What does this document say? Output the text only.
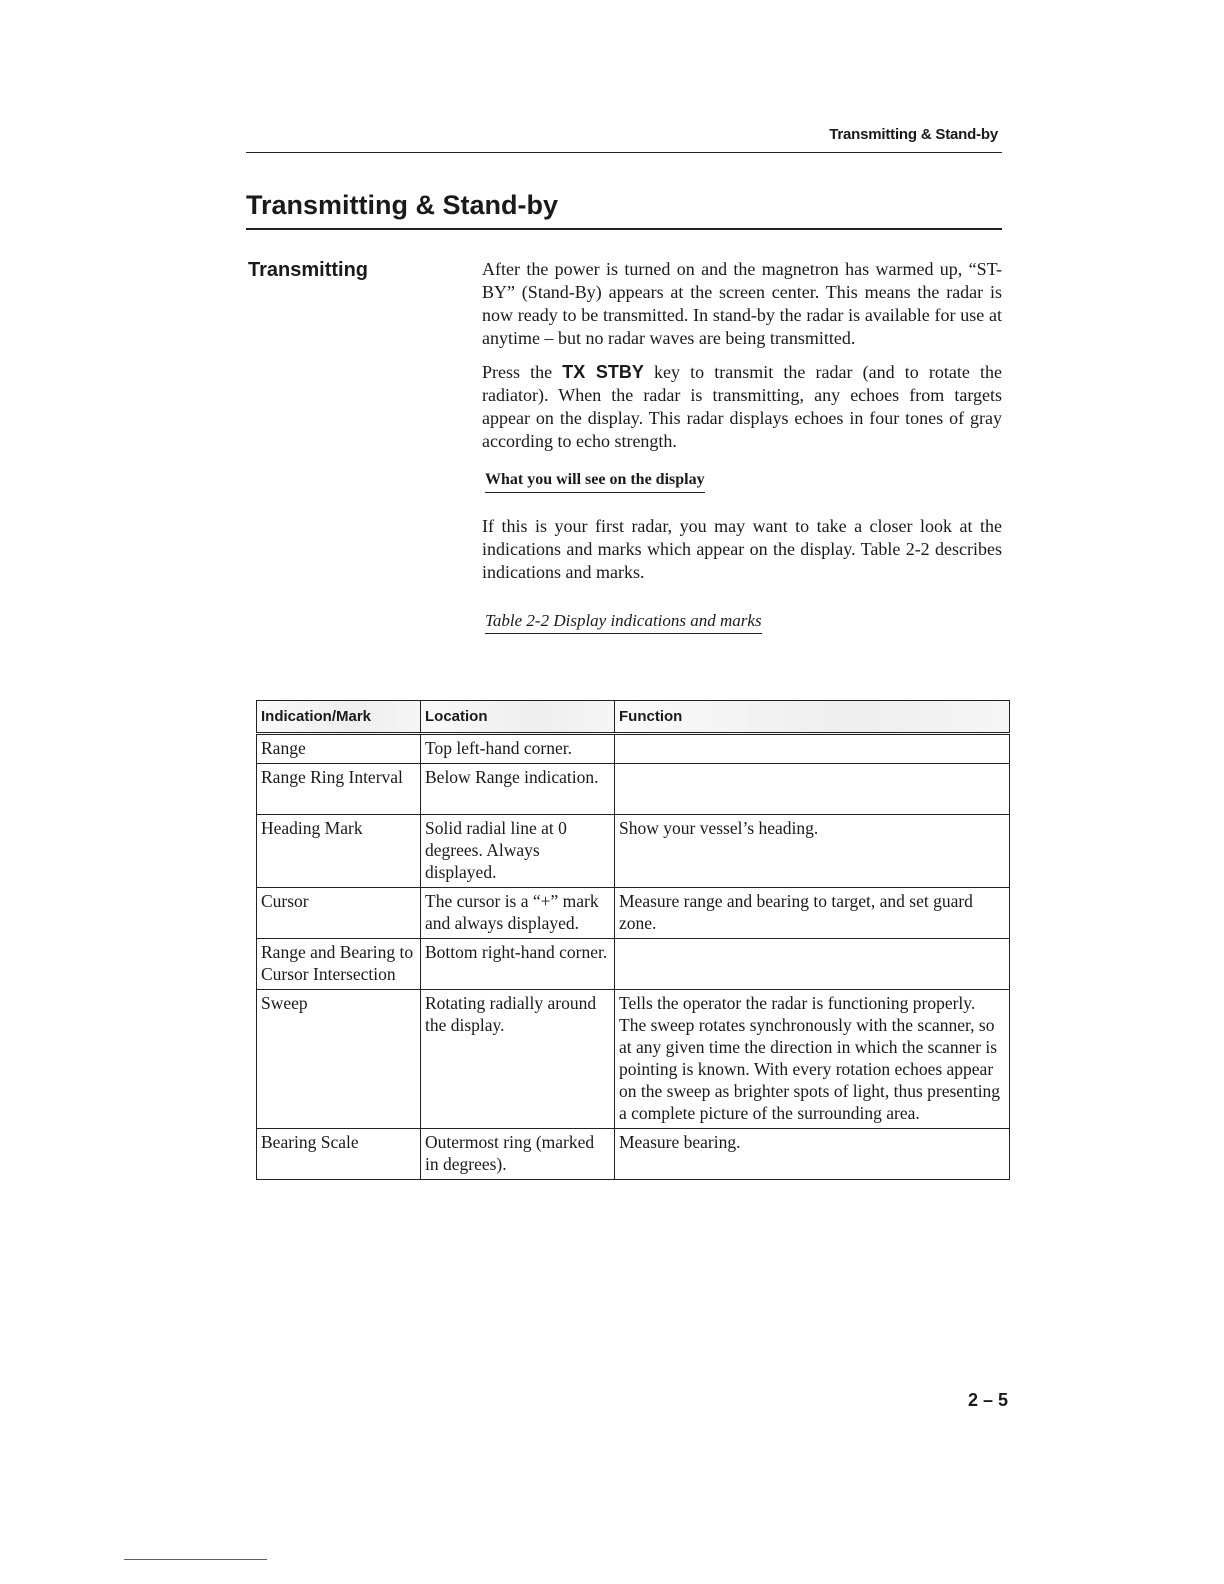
Transmitting & Stand-by
Transmitting & Stand-by
Transmitting	After the power is turned on and the magnetron has warmed up, “ST-BY” (Stand-By) appears at the screen center. This means the radar is now ready to be transmitted. In stand-by the radar is available for use at anytime – but no radar waves are being transmitted.

Press the TX STBY key to transmit the radar (and to rotate the radiator). When the radar is transmitting, any echoes from targets appear on the display. This radar displays echoes in four tones of gray according to echo strength.

What you will see on the display

If this is your first radar, you may want to take a closer look at the indications and marks which appear on the display. Table 2-2 describes indications and marks.

Table 2-2 Display indications and marks
Indication/Mark	Location	Function
Range	Top left-hand corner.	
Range Ring Interval	Below Range indication.	
Heading Mark	Solid radial line at 0 degrees. Always displayed.	Show your vessel’s heading.
Cursor	The cursor is a “+” mark and always displayed.	Measure range and bearing to target, and set guard zone.
Range and Bearing to Cursor Intersection	Bottom right-hand corner.	
Sweep	Rotating radially around the display.	Tells the operator the radar is functioning properly. The sweep rotates synchronously with the scanner, so at any given time the direction in which the scanner is pointing is known. With every rotation echoes appear on the sweep as brighter spots of light, thus presenting a complete picture of the surrounding area.
Bearing Scale	Outermost ring (marked in degrees).	Measure bearing.
2 – 5
